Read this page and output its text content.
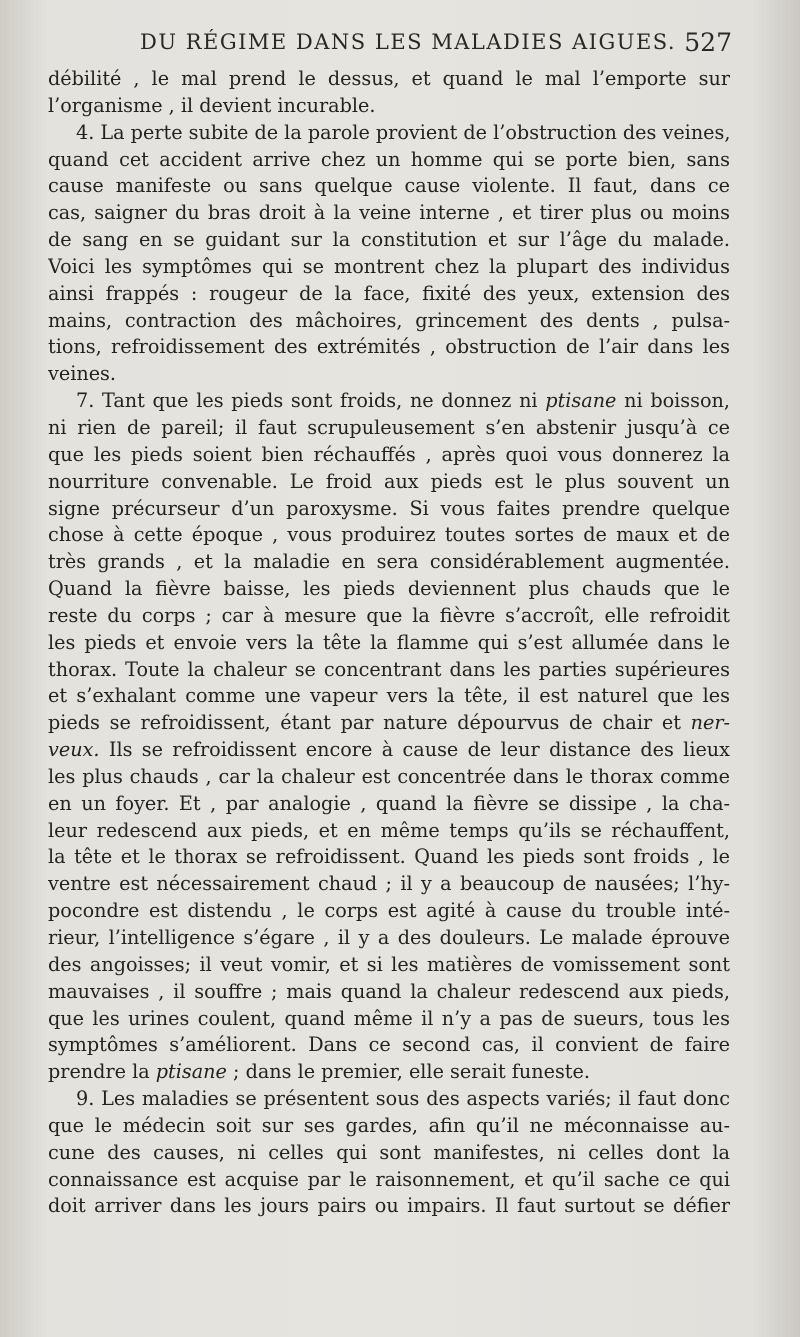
DU RÉGIME DANS LES MALADIES AIGUES. 527
débilité , le mal prend le dessus, et quand le mal l’emporte sur
l’organisme , il devient incurable.
4. La perte subite de la parole provient de l’obstruction des veines,
quand cet accident arrive chez un homme qui se porte bien, sans
cause manifeste ou sans quelque cause violente. Il faut, dans ce
cas, saigner du bras droit à la veine interne , et tirer plus ou moins
de sang en se guidant sur la constitution et sur l’âge du malade.
Voici les symptômes qui se montrent chez la plupart des individus
ainsi frappés : rougeur de la face, fixité des yeux, extension des
mains, contraction des mâchoires, grincement des dents , pulsa-
tions, refroidissement des extrémités , obstruction de l’air dans les
veines.
7. Tant que les pieds sont froids, ne donnez ni ptisane ni boisson,
ni rien de pareil; il faut scrupuleusement s’en abstenir jusqu’à ce
que les pieds soient bien réchauffés , après quoi vous donnerez la
nourriture convenable. Le froid aux pieds est le plus souvent un
signe précurseur d’un paroxysme. Si vous faites prendre quelque
chose à cette époque , vous produirez toutes sortes de maux et de
très grands , et la maladie en sera considérablement augmentée.
Quand la fièvre baisse, les pieds deviennent plus chauds que le
reste du corps ; car à mesure que la fièvre s’accroît, elle refroidit
les pieds et envoie vers la tête la flamme qui s’est allumée dans le
thorax. Toute la chaleur se concentrant dans les parties supérieures
et s’exhalant comme une vapeur vers la tête, il est naturel que les
pieds se refroidissent, étant par nature dépourvus de chair et ner-
veux. Ils se refroidissent encore à cause de leur distance des lieux
les plus chauds , car la chaleur est concentrée dans le thorax comme
en un foyer. Et , par analogie , quand la fièvre se dissipe , la cha-
leur redescend aux pieds, et en même temps qu’ils se réchauffent,
la tête et le thorax se refroidissent. Quand les pieds sont froids , le
ventre est nécessairement chaud ; il y a beaucoup de nausées; l’hy-
pocondre est distendu , le corps est agité à cause du trouble inté-
rieur, l’intelligence s’égare , il y a des douleurs. Le malade éprouve
des angoisses; il veut vomir, et si les matières de vomissement sont
mauvaises , il souffre ; mais quand la chaleur redescend aux pieds,
que les urines coulent, quand même il n’y a pas de sueurs, tous les
symptômes s’améliorent. Dans ce second cas, il convient de faire
prendre la ptisane ; dans le premier, elle serait funeste.
9. Les maladies se présentent sous des aspects variés; il faut donc
que le médecin soit sur ses gardes, afin qu’il ne méconnaisse au-
cune des causes, ni celles qui sont manifestes, ni celles dont la
connaissance est acquise par le raisonnement, et qu’il sache ce qui
doit arriver dans les jours pairs ou impairs. Il faut surtout se défier
